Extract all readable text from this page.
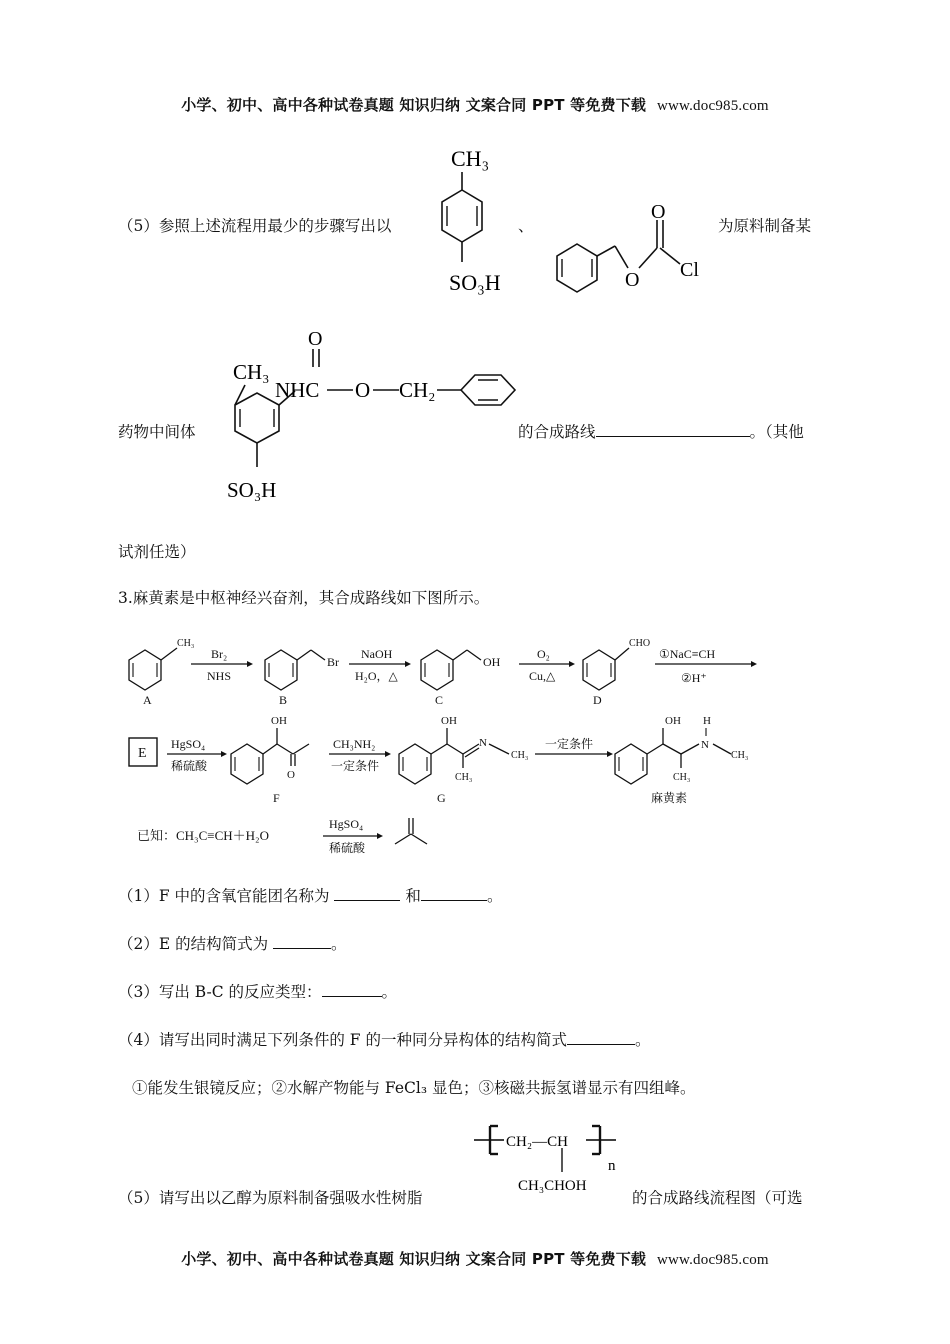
小学、初中、高中各种试卷真题 知识归纳 文案合同 PPT 等免费下载 www.doc985.com
（5）参照上述流程用最少的步骤写出以	、	为原料制备某
CH₃
SO₃H	O
O
Cl
药物中间体
CH₃
SO₃H
NHC
O
O CH₂
的合成路线	。（其他
试剂任选）
3.麻黄素是中枢神经兴奋剂，其合成路线如下图所示。
CH₃
A
Br₂
NHS
Br
B
NaOH
H₂O，△
OH
C
O₂
Cu,△
CHO
D
①NaC≡CH
②H⁺
E
HgSO₄
稀硫酸
OH
O
F
CH₃NH₂
一定条件
OH
N
CH₃
CH₃
G
一定条件
OH
N
H
CH₃
CH₃
麻黄素
已知：CH₃C≡CH＋H₂O
HgSO₄
稀硫酸
（1）F 中的含氧官能团名称为	和	。
（2）E 的结构简式为	。
（3）写出 B-C 的反应类型：	。
（4）请写出同时满足下列条件的 F 的一种同分异构体的结构简式	。
①能发生银镜反应；②水解产物能与 FeCl₃ 显色；③核磁共振氢谱显示有四组峰。
（5）请写出以乙醇为原料制备强吸水性树脂
CH₂—CH
n
CH₃CHOH
的合成路线流程图（可选
小学、初中、高中各种试卷真题 知识归纳 文案合同 PPT 等免费下载 www.doc985.com
